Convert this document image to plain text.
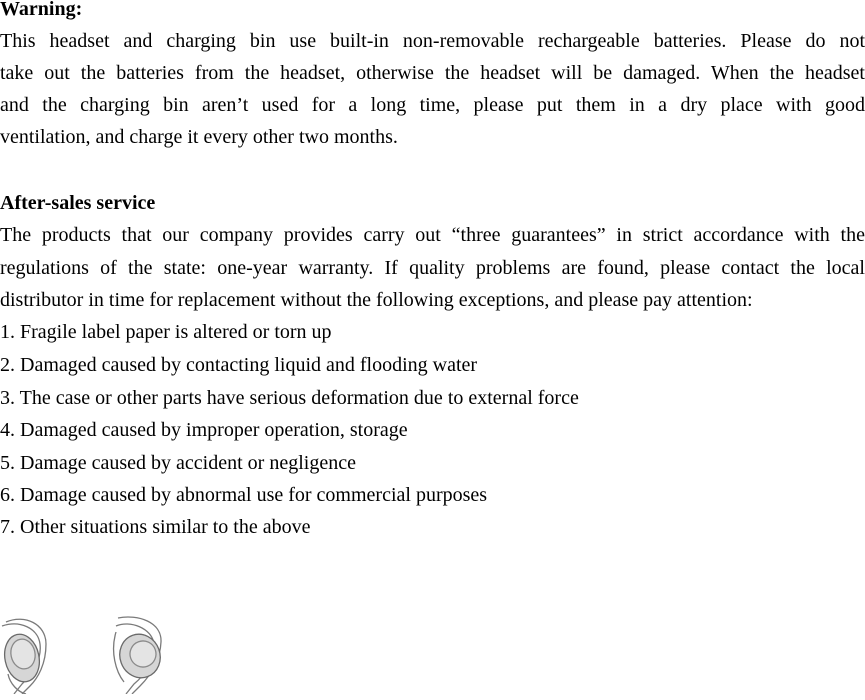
Warning:
This headset and charging bin use built-in non-removable rechargeable batteries. Please do not
take out the batteries from the headset, otherwise the headset will be damaged. When the headset
and the charging bin aren’t used for a long time, please put them in a dry place with good
ventilation, and charge it every other two months.
After-sales service
The products that our company provides carry out “three guarantees” in strict accordance with the
regulations of the state: one-year warranty. If quality problems are found, please contact the local
distributor in time for replacement without the following exceptions, and please pay attention:
1. Fragile label paper is altered or torn up
2. Damaged caused by contacting liquid and flooding water
3. The case or other parts have serious deformation due to external force
4. Damaged caused by improper operation, storage
5. Damage caused by accident or negligence
6. Damage caused by abnormal use for commercial purposes
7. Other situations similar to the above
